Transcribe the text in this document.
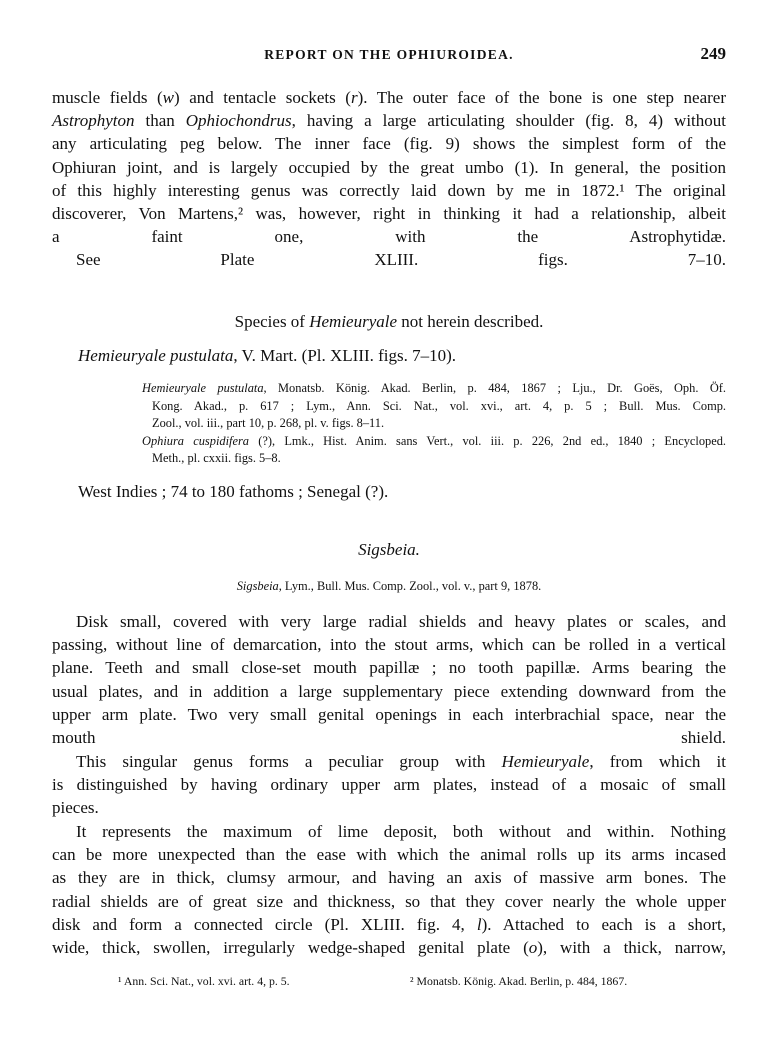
REPORT ON THE OPHIUROIDEA.	249
muscle fields (w) and tentacle sockets (r). The outer face of the bone is one step nearer
Astrophyton than Ophiochondrus, having a large articulating shoulder (fig. 8, 4) without
any articulating peg below. The inner face (fig. 9) shows the simplest form of the
Ophiuran joint, and is largely occupied by the great umbo (1). In general, the position
of this highly interesting genus was correctly laid down by me in 1872.¹ The original
discoverer, Von Martens,² was, however, right in thinking it had a relationship, albeit
a faint one, with the Astrophytidæ.
See Plate XLIII. figs. 7–10.
Species of Hemieuryale not herein described.
Hemieuryale pustulata, V. Mart. (Pl. XLIII. figs. 7–10).
Hemieuryale pustulata, Monatsb. König. Akad. Berlin, p. 484, 1867 ; Lju., Dr. Goës, Oph. Öf.
Kong. Akad., p. 617 ; Lym., Ann. Sci. Nat., vol. xvi., art. 4, p. 5 ; Bull. Mus. Comp.
Zool., vol. iii., part 10, p. 268, pl. v. figs. 8–11.
Ophiura cuspidifera (?), Lmk., Hist. Anim. sans Vert., vol. iii. p. 226, 2nd ed., 1840 ; Encycloped.
Meth., pl. cxxii. figs. 5–8.
West Indies ; 74 to 180 fathoms ; Senegal (?).
Sigsbeia.
Sigsbeia, Lym., Bull. Mus. Comp. Zool., vol. v., part 9, 1878.
Disk small, covered with very large radial shields and heavy plates or scales, and
passing, without line of demarcation, into the stout arms, which can be rolled in a vertical
plane. Teeth and small close-set mouth papillæ ; no tooth papillæ. Arms bearing the
usual plates, and in addition a large supplementary piece extending downward from the
upper arm plate. Two very small genital openings in each interbrachial space, near the
mouth shield.
This singular genus forms a peculiar group with Hemieuryale, from which it
is distinguished by having ordinary upper arm plates, instead of a mosaic of small
pieces.
It represents the maximum of lime deposit, both without and within. Nothing
can be more unexpected than the ease with which the animal rolls up its arms incased
as they are in thick, clumsy armour, and having an axis of massive arm bones. The
radial shields are of great size and thickness, so that they cover nearly the whole upper
disk and form a connected circle (Pl. XLIII. fig. 4, l). Attached to each is a short,
wide, thick, swollen, irregularly wedge-shaped genital plate (o), with a thick, narrow,
¹ Ann. Sci. Nat., vol. xvi. art. 4, p. 5.	² Monatsb. König. Akad. Berlin, p. 484, 1867.
